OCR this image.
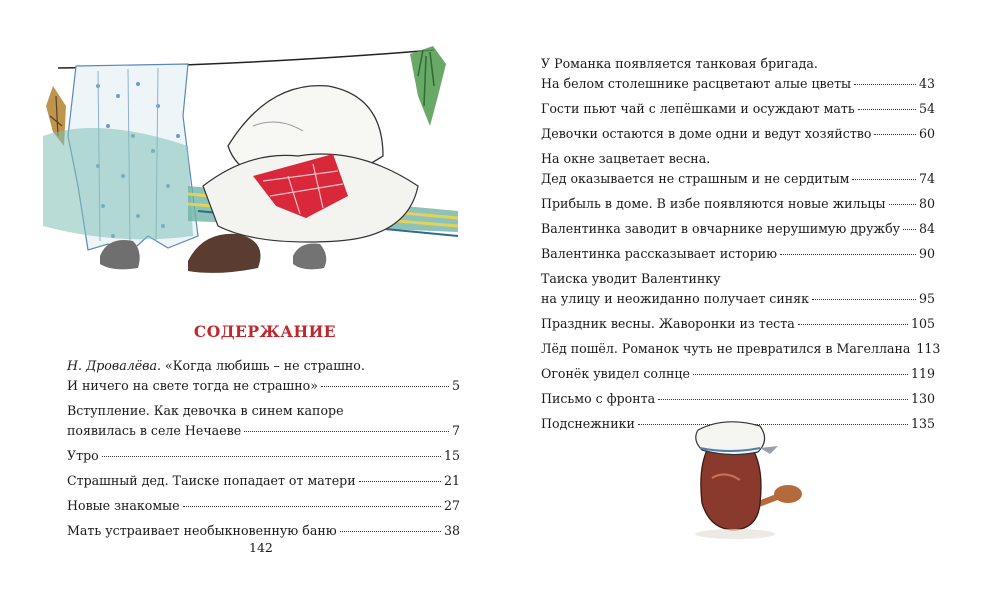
СОДЕРЖАНИЕ
Н. Дровалёва. «Когда любишь – не страшно.
И ничего на свете тогда не страшно»	5
Вступление. Как девочка в синем капоре
появилась в селе Нечаеве	7
Утро	15
Страшный дед. Таиске попадает от матери	21
Новые знакомые	27
Мать устраивает необыкновенную баню	38
142
У Романка появляется танковая бригада.
На белом столешнике расцветают алые цветы	43
Гости пьют чай с лепёшками и осуждают мать	54
Девочки остаются в доме одни и ведут хозяйство	60
На окне зацветает весна.
Дед оказывается не страшным и не сердитым	74
Прибыль в доме. В избе появляются новые жильцы	80
Валентинка заводит в овчарнике нерушимую дружбу 84
Валентинка рассказывает историю	90
Таиска уводит Валентинку
на улицу и неожиданно получает синяк	95
Праздник весны. Жаворонки из теста	105
Лёд пошёл. Романок чуть не превратился в Магеллана 113
Огонёк увидел солнце	119
Письмо с фронта	130
Подснежники	135
